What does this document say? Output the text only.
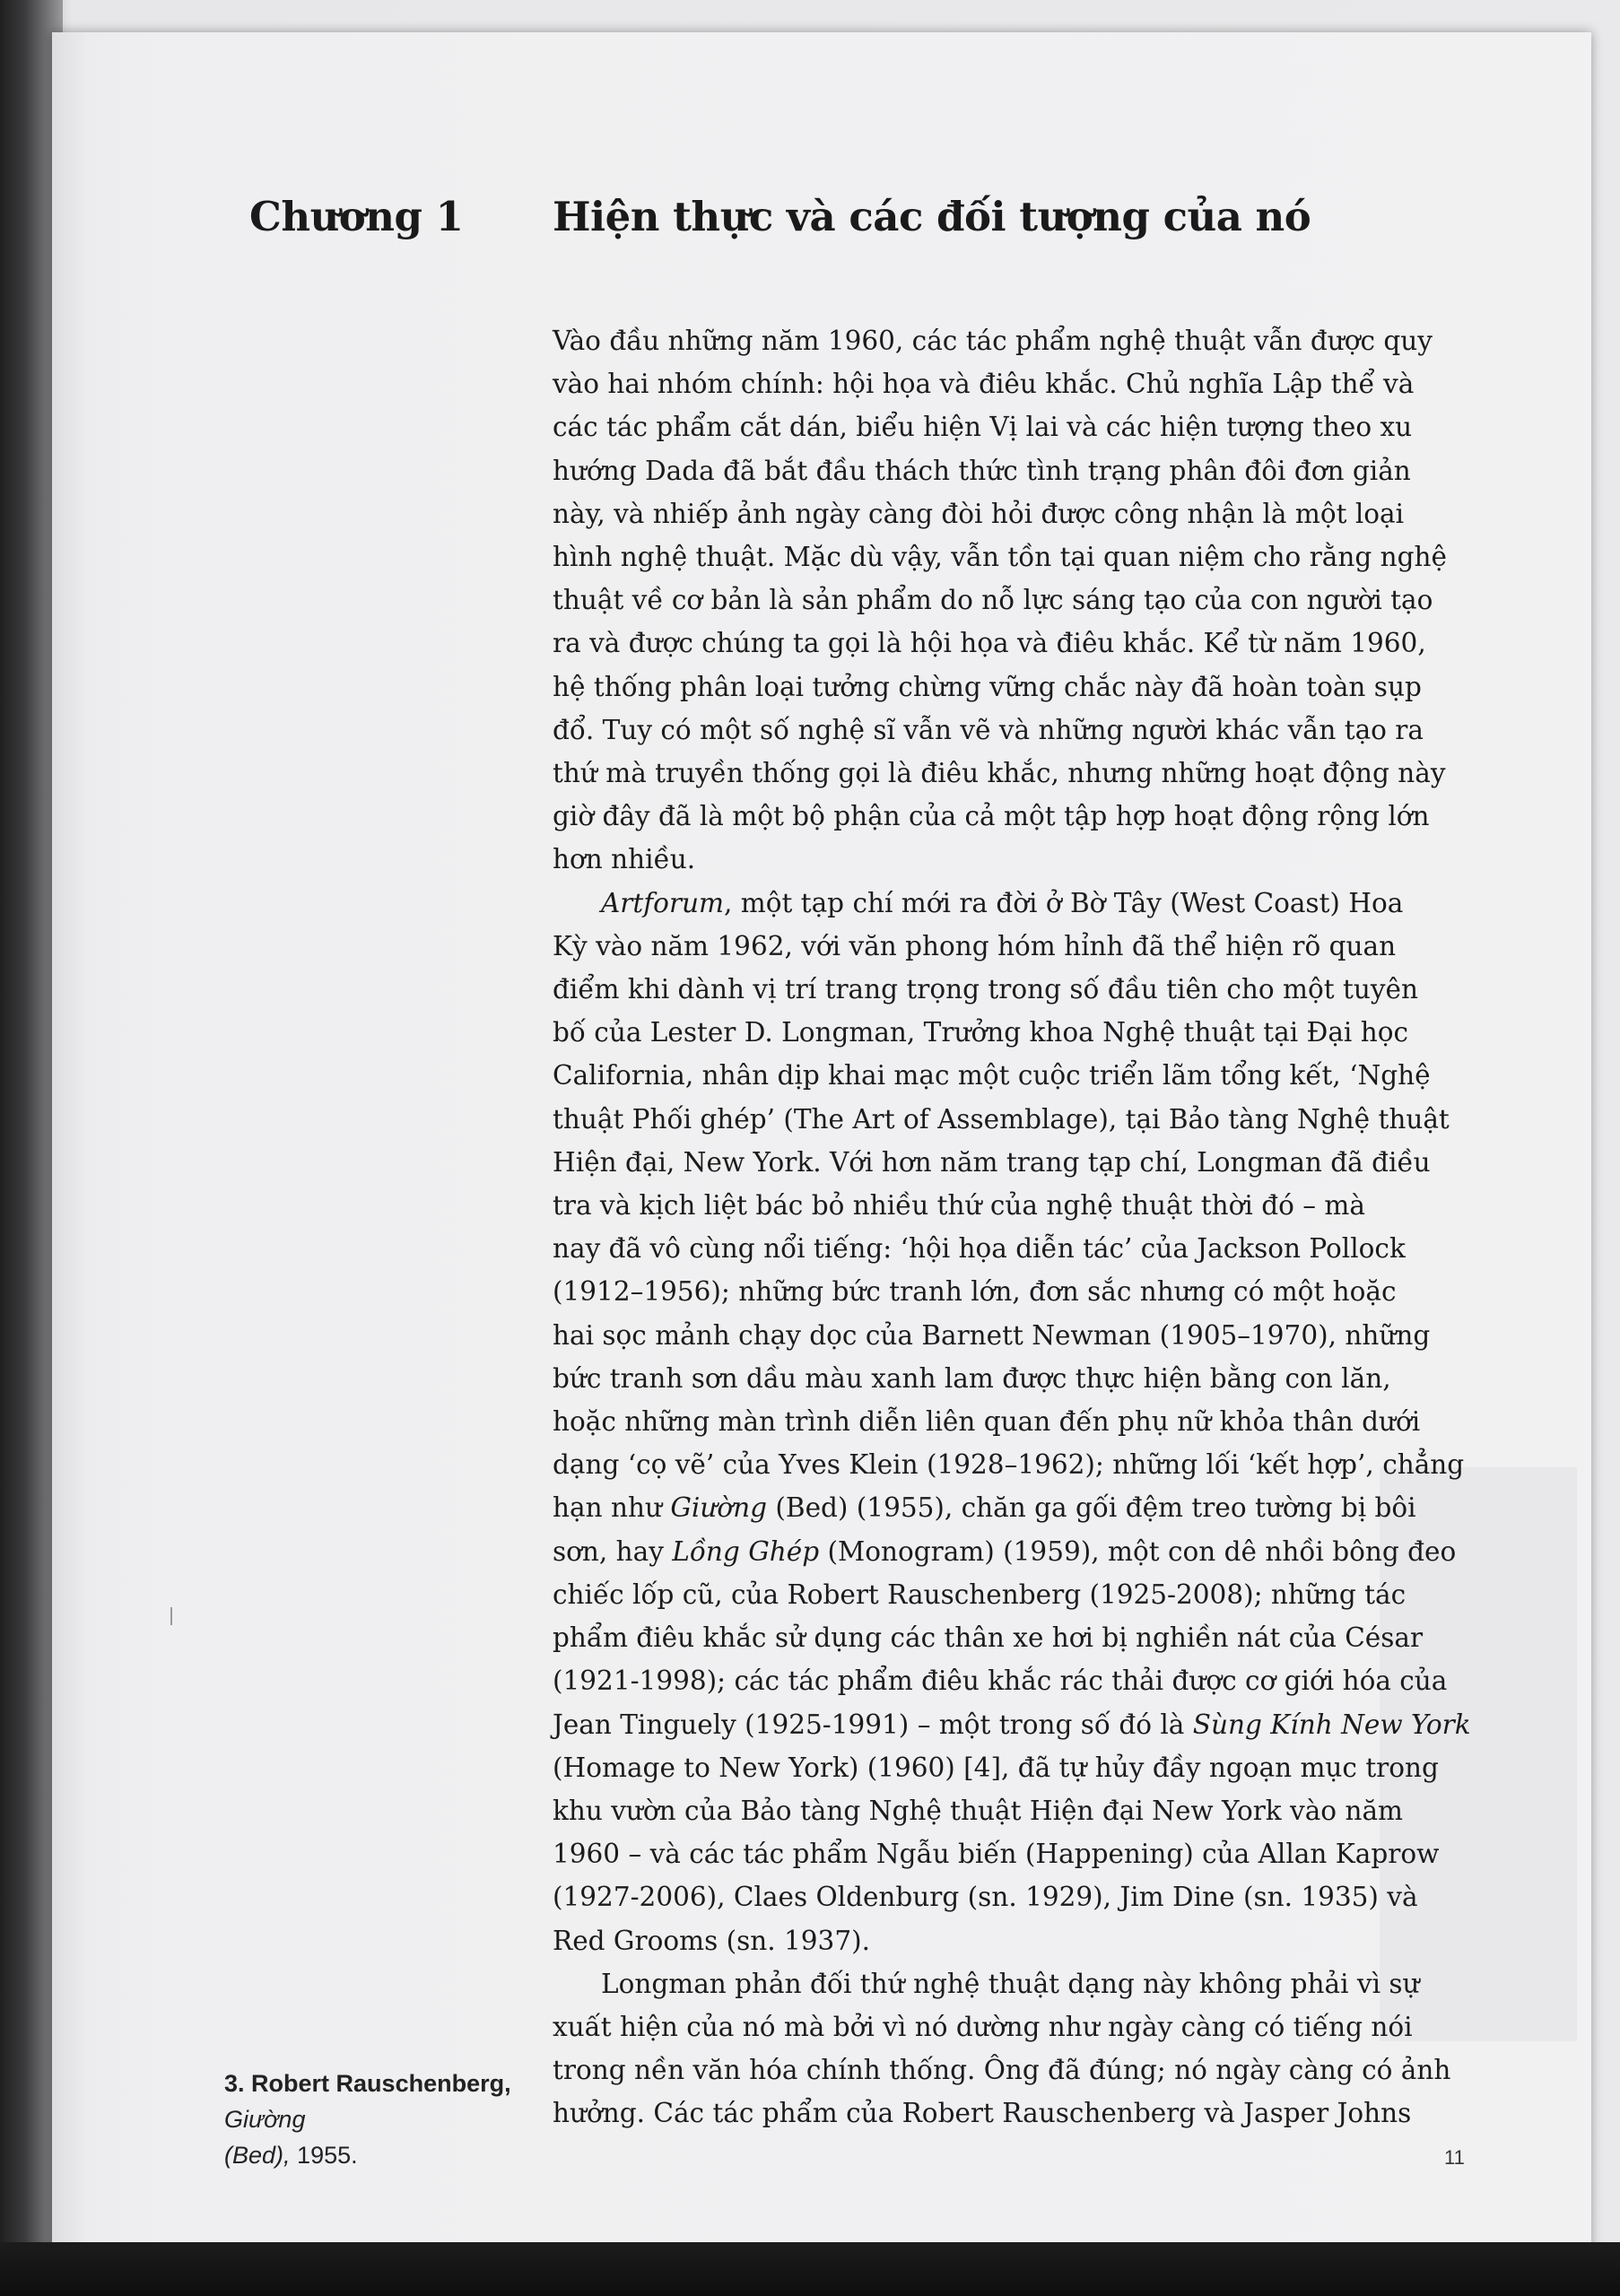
Chương 1	Hiện thực và các đối tượng của nó
Vào đầu những năm 1960, các tác phẩm nghệ thuật vẫn được quy
vào hai nhóm chính: hội họa và điêu khắc. Chủ nghĩa Lập thể và
các tác phẩm cắt dán, biểu hiện Vị lai và các hiện tượng theo xu
hướng Dada đã bắt đầu thách thức tình trạng phân đôi đơn giản
này, và nhiếp ảnh ngày càng đòi hỏi được công nhận là một loại
hình nghệ thuật. Mặc dù vậy, vẫn tồn tại quan niệm cho rằng nghệ
thuật về cơ bản là sản phẩm do nỗ lực sáng tạo của con người tạo
ra và được chúng ta gọi là hội họa và điêu khắc. Kể từ năm 1960,
hệ thống phân loại tưởng chừng vững chắc này đã hoàn toàn sụp
đổ. Tuy có một số nghệ sĩ vẫn vẽ và những người khác vẫn tạo ra
thứ mà truyền thống gọi là điêu khắc, nhưng những hoạt động này
giờ đây đã là một bộ phận của cả một tập hợp hoạt động rộng lớn
hơn nhiều.
Artforum, một tạp chí mới ra đời ở Bờ Tây (West Coast) Hoa
Kỳ vào năm 1962, với văn phong hóm hỉnh đã thể hiện rõ quan
điểm khi dành vị trí trang trọng trong số đầu tiên cho một tuyên
bố của Lester D. Longman, Trưởng khoa Nghệ thuật tại Đại học
California, nhân dịp khai mạc một cuộc triển lãm tổng kết, ‘Nghệ
thuật Phối ghép’ (The Art of Assemblage), tại Bảo tàng Nghệ thuật
Hiện đại, New York. Với hơn năm trang tạp chí, Longman đã điều
tra và kịch liệt bác bỏ nhiều thứ của nghệ thuật thời đó – mà
nay đã vô cùng nổi tiếng: ‘hội họa diễn tác’ của Jackson Pollock
(1912–1956); những bức tranh lớn, đơn sắc nhưng có một hoặc
hai sọc mảnh chạy dọc của Barnett Newman (1905–1970), những
bức tranh sơn dầu màu xanh lam được thực hiện bằng con lăn,
hoặc những màn trình diễn liên quan đến phụ nữ khỏa thân dưới
dạng ‘cọ vẽ’ của Yves Klein (1928–1962); những lối ‘kết hợp’, chẳng
hạn như Giường (Bed) (1955), chăn ga gối đệm treo tường bị bôi
sơn, hay Lồng Ghép (Monogram) (1959), một con dê nhồi bông đeo
chiếc lốp cũ, của Robert Rauschenberg (1925-2008); những tác
phẩm điêu khắc sử dụng các thân xe hơi bị nghiền nát của César
(1921-1998); các tác phẩm điêu khắc rác thải được cơ giới hóa của
Jean Tinguely (1925-1991) – một trong số đó là Sùng Kính New York
(Homage to New York) (1960) [4], đã tự hủy đầy ngoạn mục trong
khu vườn của Bảo tàng Nghệ thuật Hiện đại New York vào năm
1960 – và các tác phẩm Ngẫu biến (Happening) của Allan Kaprow
(1927-2006), Claes Oldenburg (sn. 1929), Jim Dine (sn. 1935) và
Red Grooms (sn. 1937).
Longman phản đối thứ nghệ thuật dạng này không phải vì sự
xuất hiện của nó mà bởi vì nó dường như ngày càng có tiếng nói
trong nền văn hóa chính thống. Ông đã đúng; nó ngày càng có ảnh
hưởng. Các tác phẩm của Robert Rauschenberg và Jasper Johns
3. Robert Rauschenberg, Giường
(Bed), 1955.	11
